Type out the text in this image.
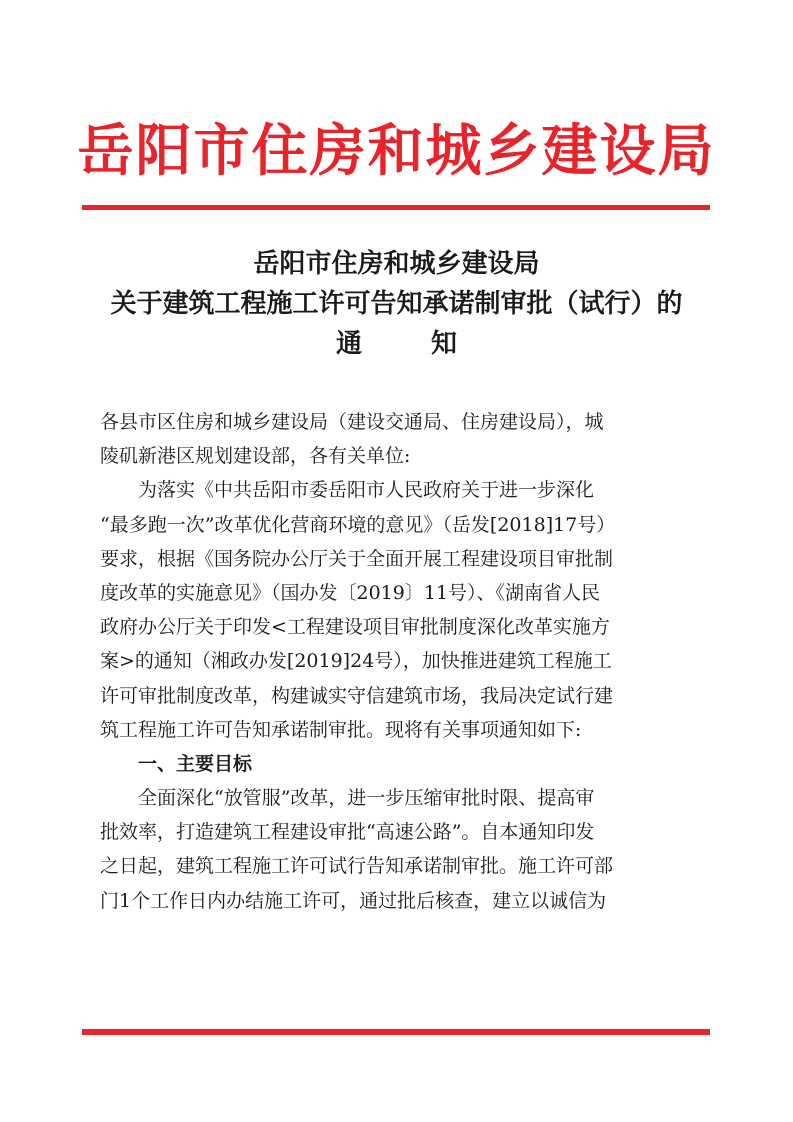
岳阳市住房和城乡建设局
岳阳市住房和城乡建设局
关于建筑工程施工许可告知承诺制审批（试行）的
通 知
各县市区住房和城乡建设局（建设交通局、住房建设局），城
陵矶新港区规划建设部，各有关单位:
为落实《中共岳阳市委岳阳市人民政府关于进一步深化
“最多跑一次”改革优化营商环境的意见》（岳发[2018]17号）
要求，根据《国务院办公厅关于全面开展工程建设项目审批制
度改革的实施意见》（国办发〔2019〕11号）、《湖南省人民
政府办公厅关于印发<工程建设项目审批制度深化改革实施方
案>的通知（湘政办发[2019]24号），加快推进建筑工程施工
许可审批制度改革，构建诚实守信建筑市场，我局决定试行建
筑工程施工许可告知承诺制审批。现将有关事项通知如下:
一、主要目标
全面深化“放管服”改革，进一步压缩审批时限、提高审
批效率，打造建筑工程建设审批“高速公路”。自本通知印发
之日起，建筑工程施工许可试行告知承诺制审批。施工许可部
门1个工作日内办结施工许可，通过批后核查，建立以诚信为
